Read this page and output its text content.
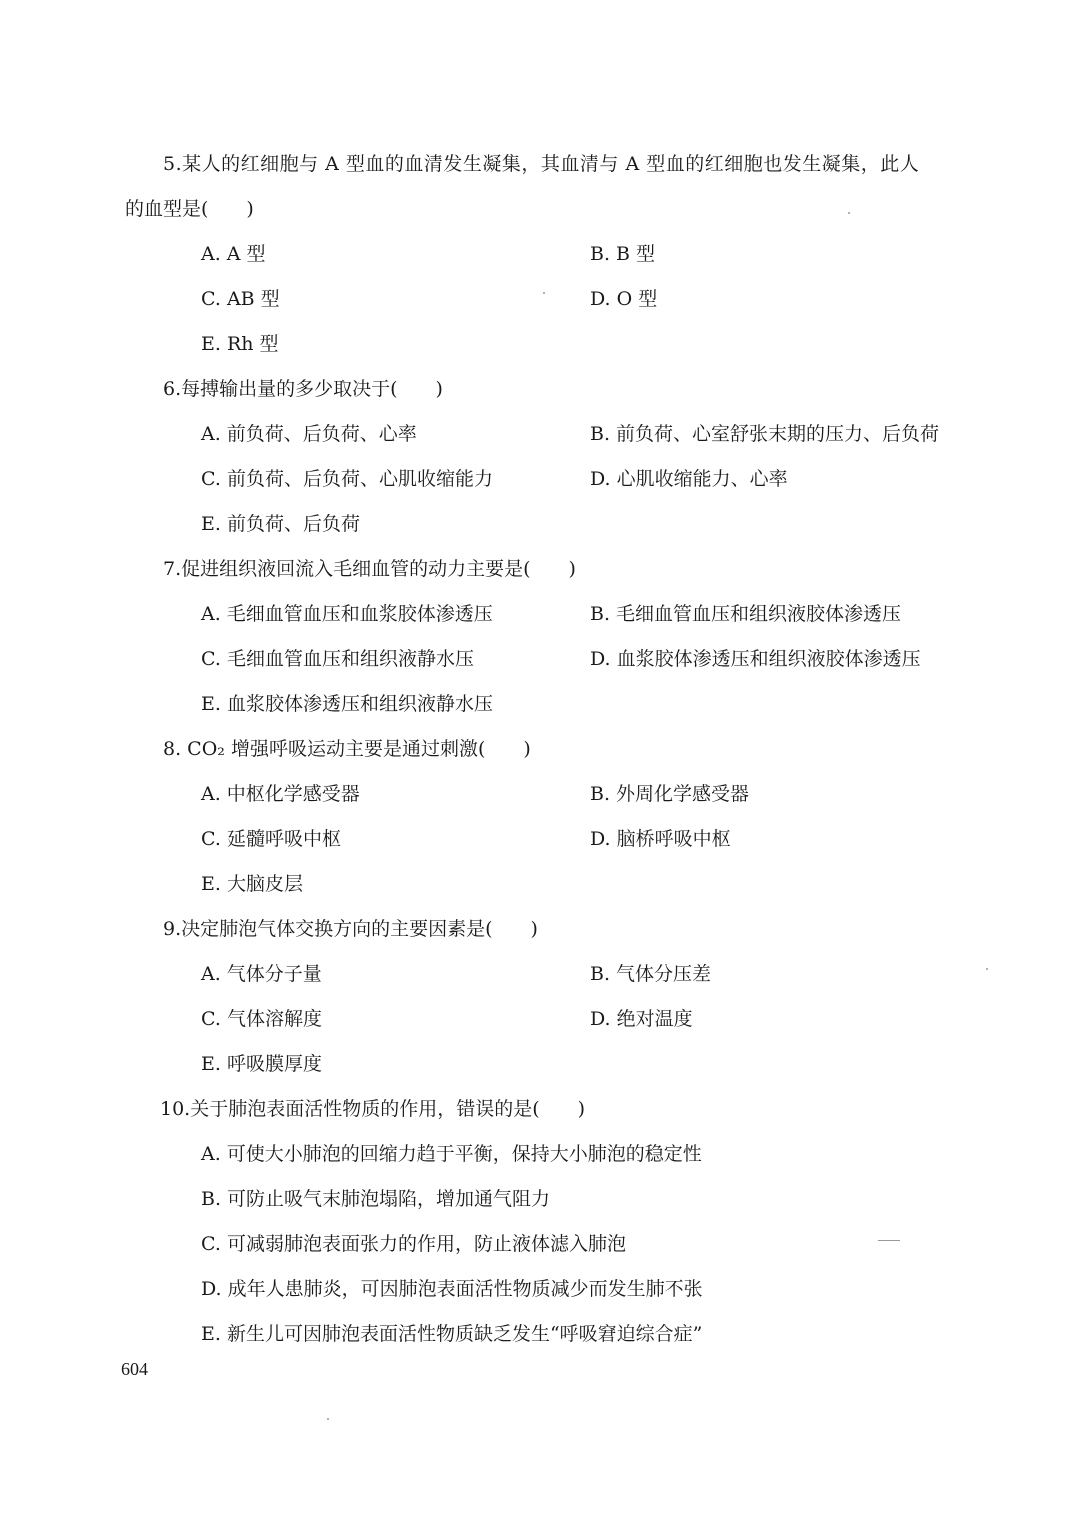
5.某人的红细胞与 A 型血的血清发生凝集，其血清与 A 型血的红细胞也发生凝集，此人
的血型是(　　)
A. A 型	B. B 型
C. AB 型	D. O 型
E. Rh 型
6.每搏输出量的多少取决于(　　)
A. 前负荷、后负荷、心率	B. 前负荷、心室舒张末期的压力、后负荷
C. 前负荷、后负荷、心肌收缩能力	D. 心肌收缩能力、心率
E. 前负荷、后负荷
7.促进组织液回流入毛细血管的动力主要是(　　)
A. 毛细血管血压和血浆胶体渗透压	B. 毛细血管血压和组织液胶体渗透压
C. 毛细血管血压和组织液静水压	D. 血浆胶体渗透压和组织液胶体渗透压
E. 血浆胶体渗透压和组织液静水压
8. CO₂ 增强呼吸运动主要是通过刺激(　　)
A. 中枢化学感受器	B. 外周化学感受器
C. 延髓呼吸中枢	D. 脑桥呼吸中枢
E. 大脑皮层
9.决定肺泡气体交换方向的主要因素是(　　)
A. 气体分子量	B. 气体分压差
C. 气体溶解度	D. 绝对温度
E. 呼吸膜厚度
10.关于肺泡表面活性物质的作用，错误的是(　　)
A. 可使大小肺泡的回缩力趋于平衡，保持大小肺泡的稳定性
B. 可防止吸气末肺泡塌陷，增加通气阻力
C. 可减弱肺泡表面张力的作用，防止液体滤入肺泡
D. 成年人患肺炎，可因肺泡表面活性物质减少而发生肺不张
E. 新生儿可因肺泡表面活性物质缺乏发生“呼吸窘迫综合症”
604
